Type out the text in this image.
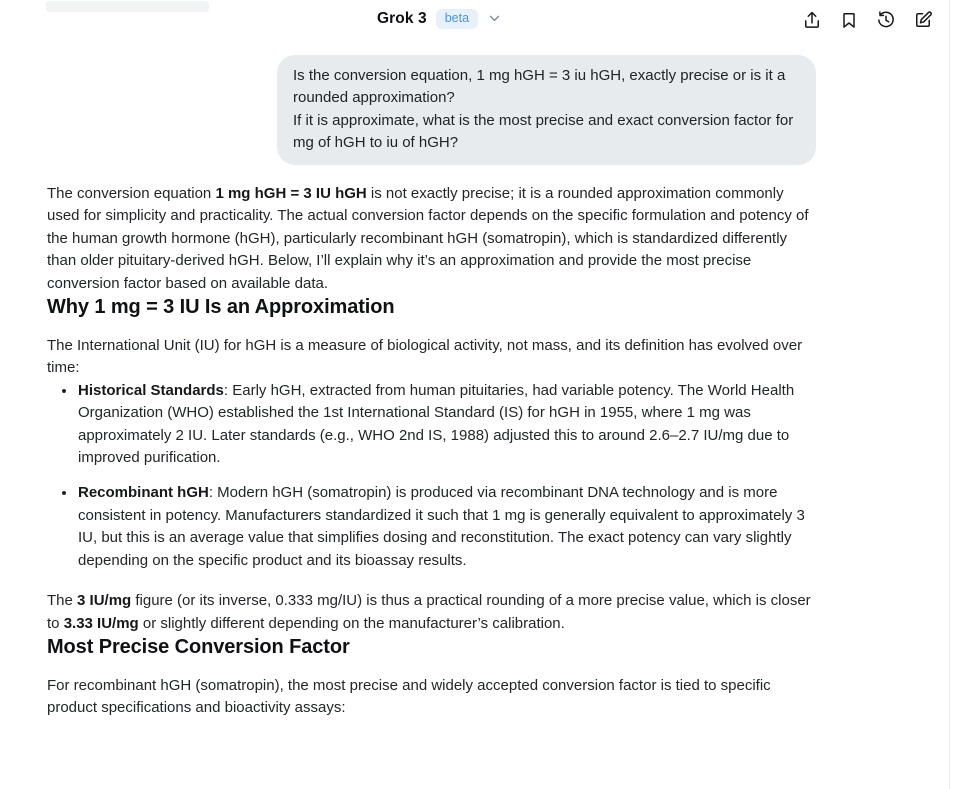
Grok 3	beta
Is the conversion equation, 1 mg hGH = 3 iu hGH, exactly precise or is it a rounded approximation?
If it is approximate, what is the most precise and exact conversion factor for mg of hGH to iu of hGH?

The conversion equation 1 mg hGH = 3 IU hGH is not exactly precise; it is a rounded approximation commonly used for simplicity and practicality. The actual conversion factor depends on the specific formulation and potency of the human growth hormone (hGH), particularly recombinant hGH (somatropin), which is standardized differently than older pituitary-derived hGH. Below, I’ll explain why it’s an approximation and provide the most precise conversion factor based on available data.

Why 1 mg = 3 IU Is an Approximation

The International Unit (IU) for hGH is a measure of biological activity, not mass, and its definition has evolved over time:

• Historical Standards: Early hGH, extracted from human pituitaries, had variable potency. The World Health Organization (WHO) established the 1st International Standard (IS) for hGH in 1955, where 1 mg was approximately 2 IU. Later standards (e.g., WHO 2nd IS, 1988) adjusted this to around 2.6–2.7 IU/mg due to improved purification.
• Recombinant hGH: Modern hGH (somatropin) is produced via recombinant DNA technology and is more consistent in potency. Manufacturers standardized it such that 1 mg is generally equivalent to approximately 3 IU, but this is an average value that simplifies dosing and reconstitution. The exact potency can vary slightly depending on the specific product and its bioassay results.

The 3 IU/mg figure (or its inverse, 0.333 mg/IU) is thus a practical rounding of a more precise value, which is closer to 3.33 IU/mg or slightly different depending on the manufacturer’s calibration.

Most Precise Conversion Factor

For recombinant hGH (somatropin), the most precise and widely accepted conversion factor is tied to specific product specifications and bioactivity assays:
